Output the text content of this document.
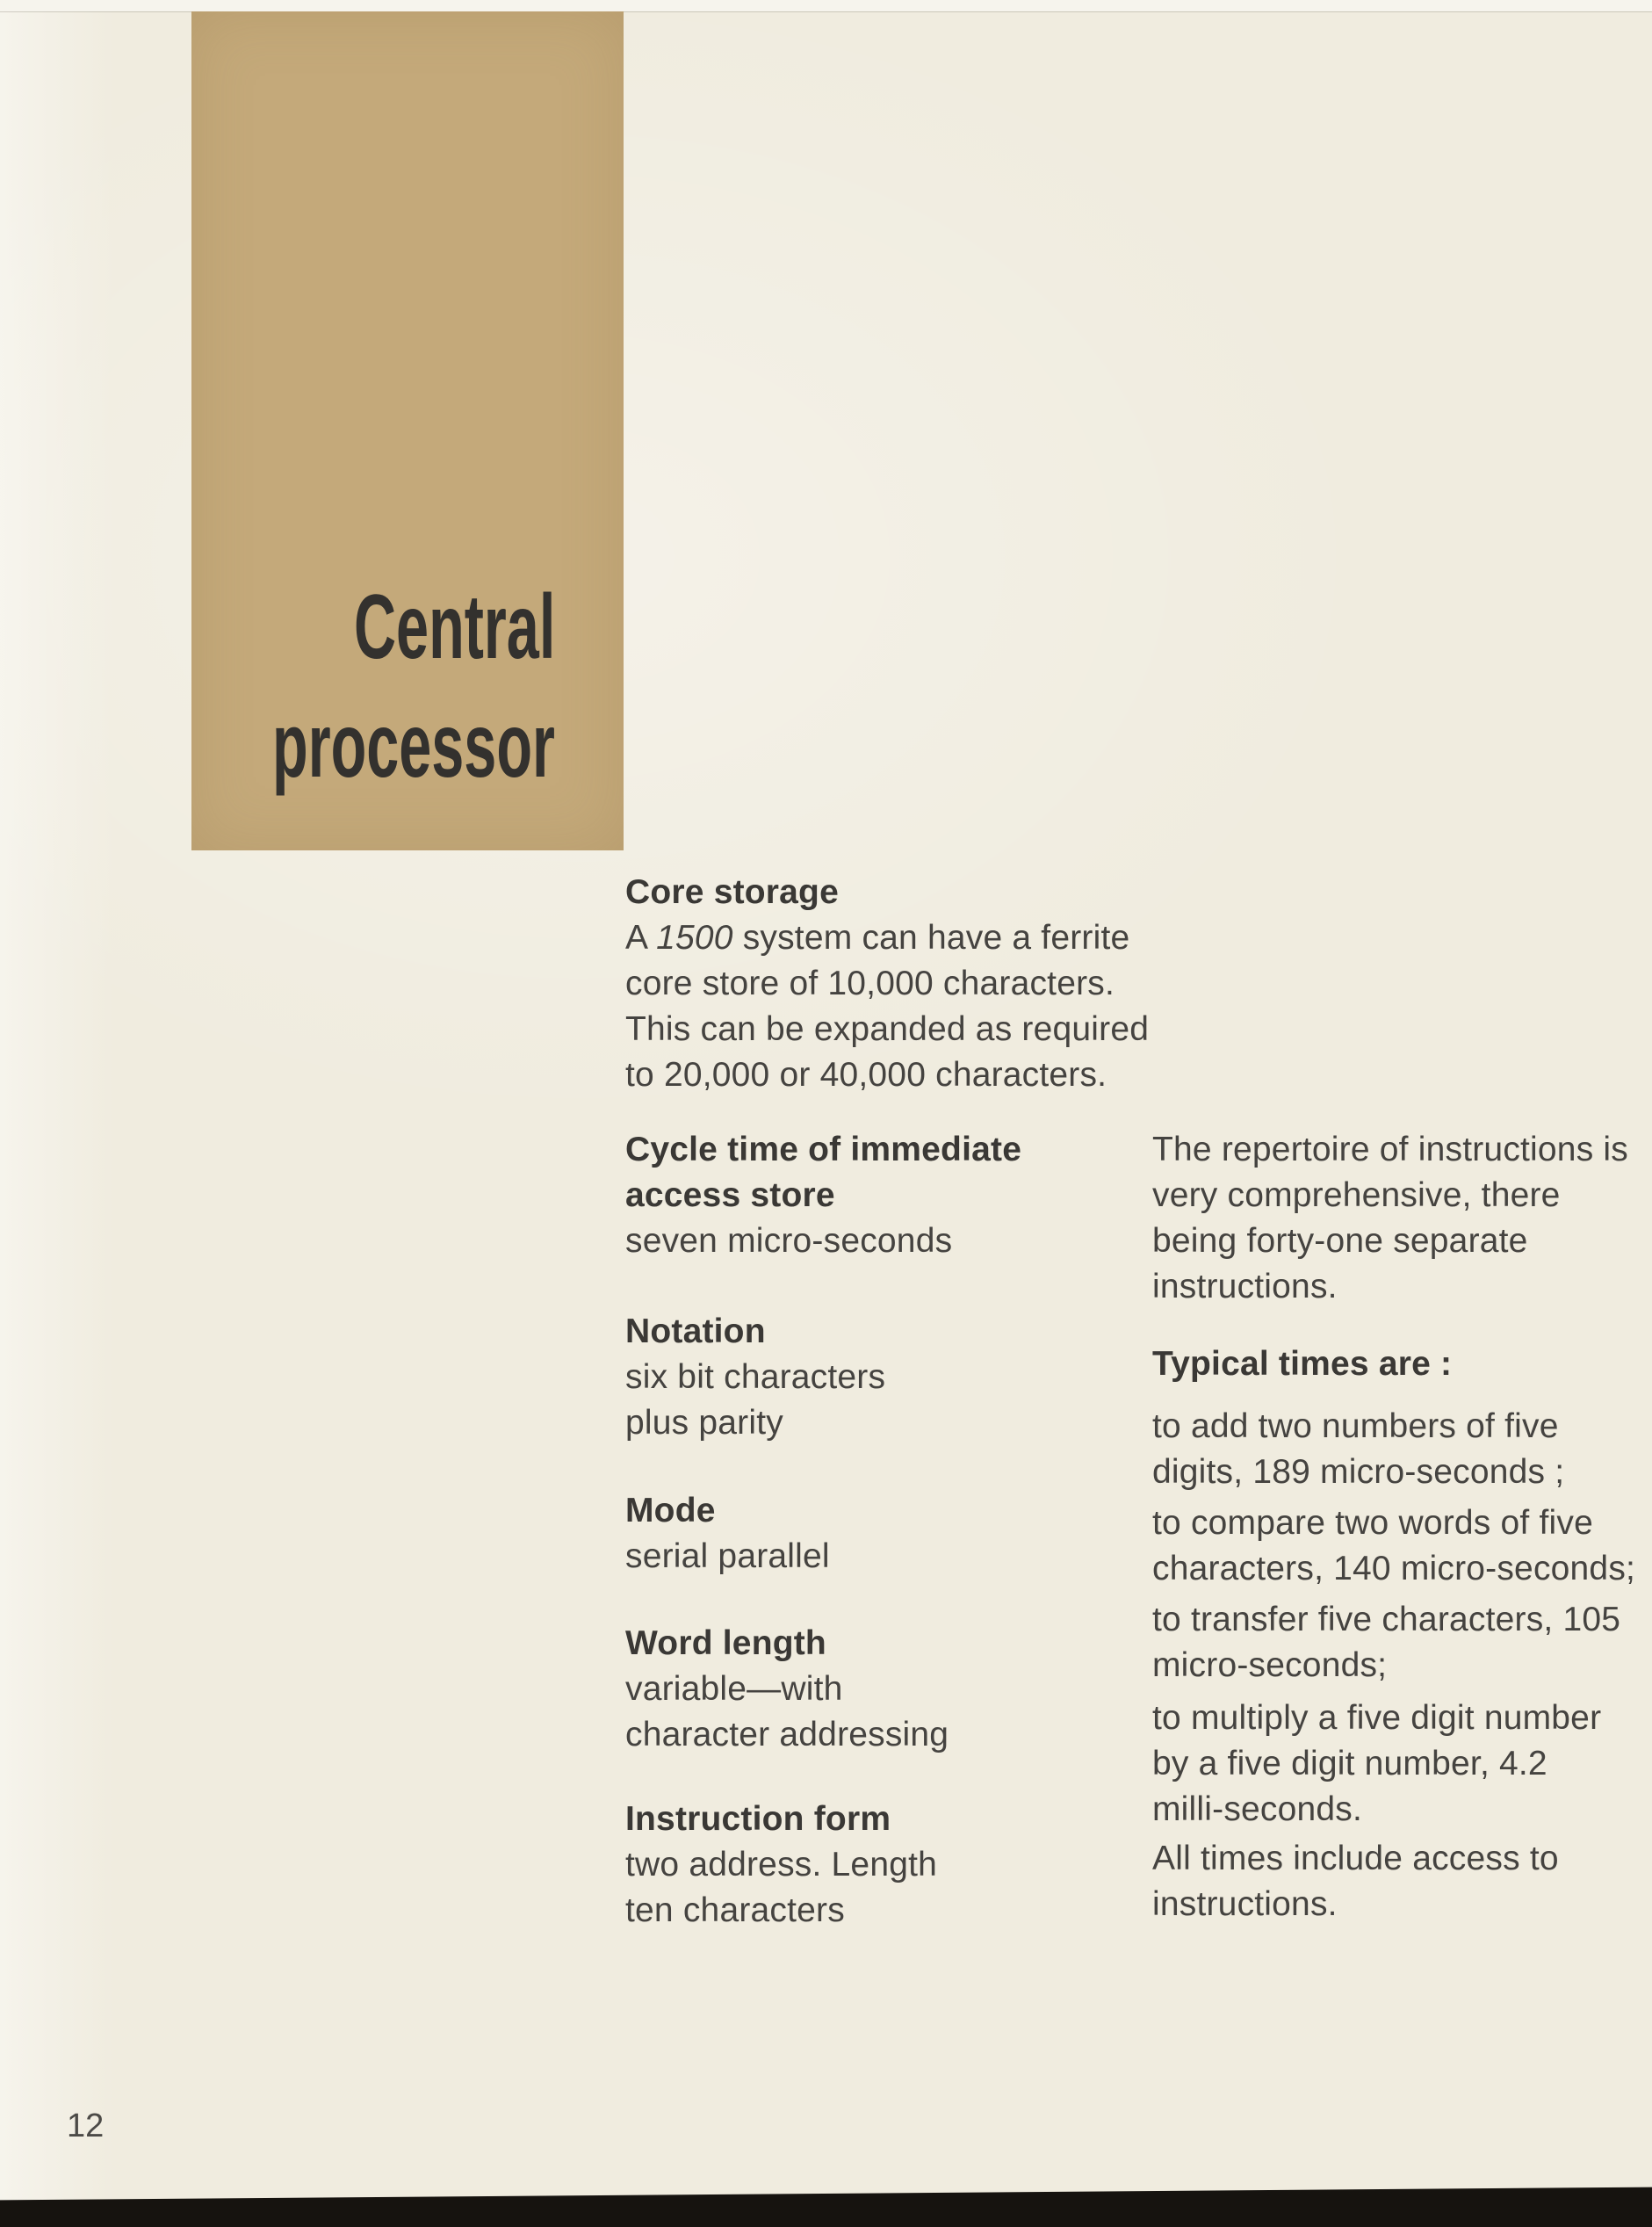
Central
processor
Core storage
A 1500 system can have a ferrite
core store of 10,000 characters.
This can be expanded as required
to 20,000 or 40,000 characters.
Cycle time of immediate
access store
seven micro-seconds
Notation
six bit characters
plus parity
Mode
serial parallel
Word length
variable—with
character addressing
Instruction form
two address. Length
ten characters
The repertoire of instructions is
very comprehensive, there
being forty-one separate
instructions.
Typical times are :
to add two numbers of five
digits, 189 micro-seconds ;
to compare two words of five
characters, 140 micro-seconds;
to transfer five characters, 105
micro-seconds;
to multiply a five digit number
by a five digit number, 4.2
milli-seconds.
All times include access to
instructions.
12
